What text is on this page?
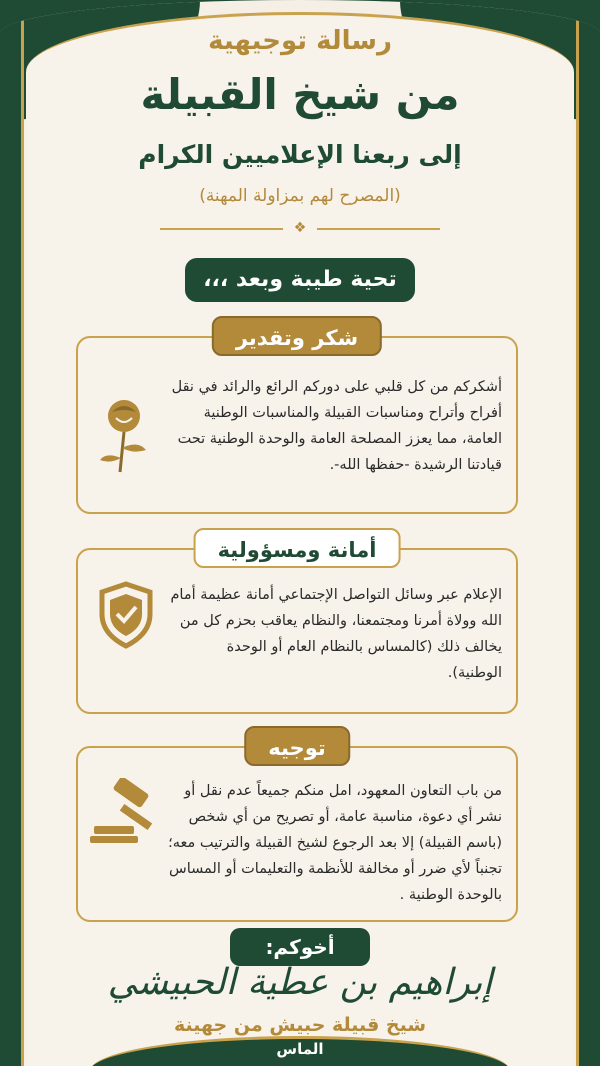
رسالة توجيهية
من شيخ القبيلة
إلى ربعنا الإعلاميين الكرام
(المصرح لهم بمزاولة المهنة)
❖
تحية طيبة وبعد ،،،
شكر وتقدير
أشكركم من كل قلبي على دوركم الرائع والرائد في نقل أفراح وأتراح ومناسبات القبيلة والمناسبات الوطنية العامة، مما يعزز المصلحة العامة والوحدة الوطنية تحت قيادتنا الرشيدة -حفظها الله-.
أمانة ومسؤولية
الإعلام عبر وسائل التواصل الإجتماعي أمانة عظيمة أمام الله وولاة أمرنا ومجتمعنا، والنظام يعاقب بحزم كل من يخالف ذلك (كالمساس بالنظام العام أو الوحدة الوطنية).
توجيه
من باب التعاون المعهود، امل منكم جميعاً عدم نقل أو نشر أي دعوة، مناسبة عامة، أو تصريح من أي شخص (باسم القبيلة) إلا بعد الرجوع لشيخ القبيلة والترتيب معه؛ تجنباً لأي ضرر أو مخالفة للأنظمة والتعليمات أو المساس بالوحدة الوطنية .
أخوكم:
إبراهيم بن عطية الحبيشي
شيخ قبيلة حبيش من جهينة
الماس
